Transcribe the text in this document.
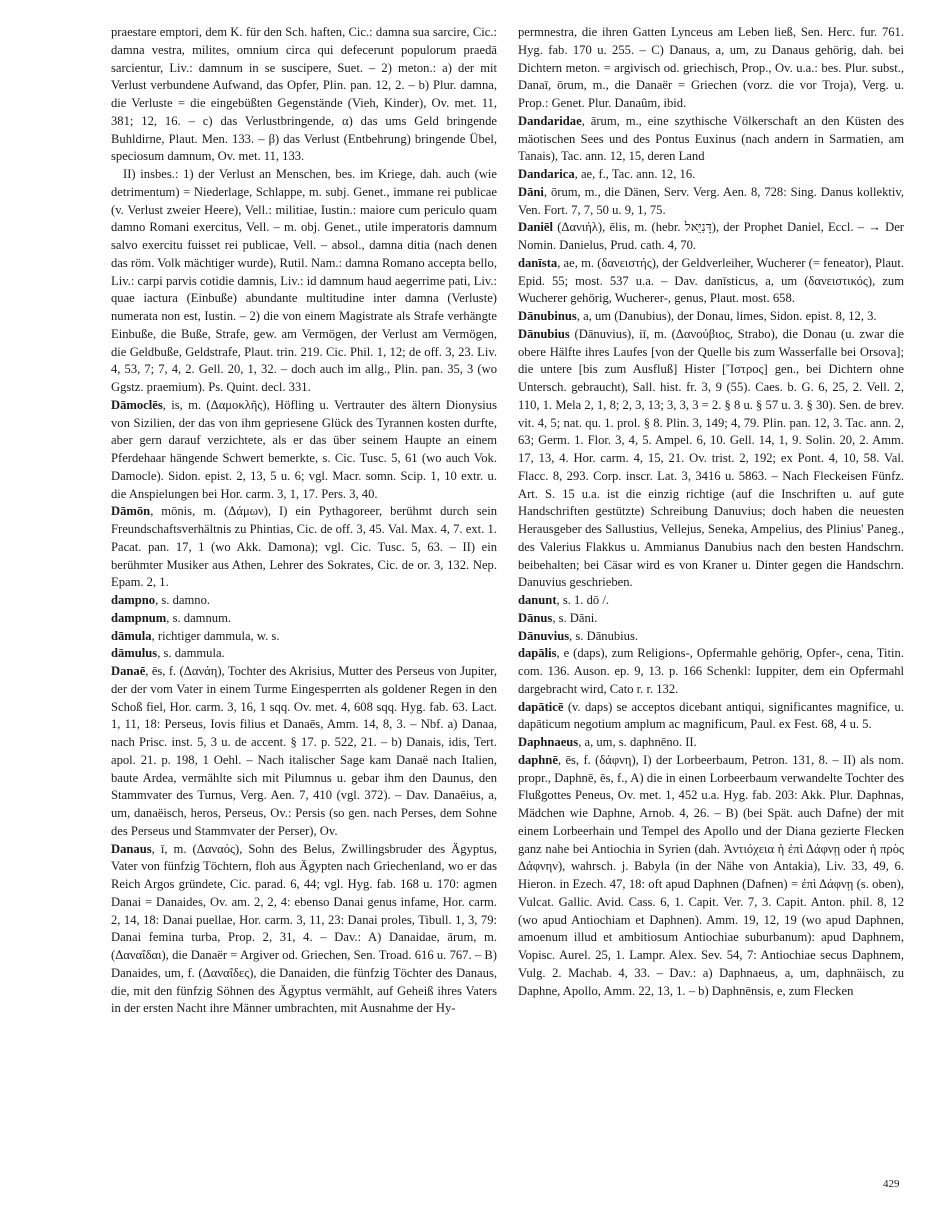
praestare emptori, dem K. für den Sch. haften, Cic.: damna sua sarcire, Cic.: damna vestra, milites, omnium circa qui defecerunt populorum praedā sarcientur, Liv.: damnum in se suscipere, Suet. – 2) meton.: a) der mit Verlust verbundene Aufwand, das Opfer, Plin. pan. 12, 2. – b) Plur. damna, die Verluste = die eingebüßten Gegenstände (Vieh, Kinder), Ov. met. 11, 381; 12, 16. – c) das Verlustbringende, α) das ums Geld bringende Buhldirne, Plaut. Men. 133. – β) das Verlust (Entbehrung) bringende Übel, speciosum damnum, Ov. met. 11, 133.

II) insbes.: 1) der Verlust an Menschen, bes. im Kriege, dah. auch (wie detrimentum) = Niederlage, Schlappe, m. subj. Genet., immane rei publicae (v. Verlust zweier Heere), Vell.: militiae, Iustin.: maiore cum periculo quam damno Romani exercitus, Vell. – m. obj. Genet., utile imperatoris damnum salvo exercitu fuisset rei publicae, Vell. – absol., damna ditia (nach denen das röm. Volk mächtiger wurde), Rutil. Nam.: damna Romano accepta bello, Liv.: carpi parvis cotidie damnis, Liv.: id damnum haud aegerrime pati, Liv.: quae iactura (Einbuße) abundante multitudine inter damna (Verluste) numerata non est, Iustin. – 2) die von einem Magistrate als Strafe verhängte Einbuße, die Buße, Strafe, gew. am Vermögen, der Verlust am Vermögen, die Geldbuße, Geldstrafe, Plaut. trin. 219. Cic. Phil. 1, 12; de off. 3, 23. Liv. 4, 53, 7; 7, 4, 2. Gell. 20, 1, 32. – doch auch im allg., Plin. pan. 35, 3 (wo Ggstz. praemium). Ps. Quint. decl. 331.

Dāmoclēs, is, m. (Δαμοκλῆς), Höfling u. Vertrauter des ältern Dionysius von Sizilien, der das von ihm gepriesene Glück des Tyrannen kosten durfte, aber gern darauf verzichtete, als er das über seinem Haupte an einem Pferdehaar hängende Schwert bemerkte, s. Cic. Tusc. 5, 61 (wo auch Vok. Damocle). Sidon. epist. 2, 13, 5 u. 6; vgl. Macr. somn. Scip. 1, 10 extr. u. die Anspielungen bei Hor. carm. 3, 1, 17. Pers. 3, 40.

Dāmōn, mōnis, m. (Δάμων), I) ein Pythagoreer, berühmt durch sein Freundschaftsverhältnis zu Phintias, Cic. de off. 3, 45. Val. Max. 4, 7. ext. 1. Pacat. pan. 17, 1 (wo Akk. Damona); vgl. Cic. Tusc. 5, 63. – II) ein berühmter Musiker aus Athen, Lehrer des Sokrates, Cic. de or. 3, 132. Nep. Epam. 2, 1.

dampno, s. damno.

dampnum, s. damnum.

dāmula, richtiger dammula, w. s.

dāmulus, s. dammula.

Danaē, ēs, f. (Δανάη), Tochter des Akrisius, Mutter des Perseus von Jupiter, der der vom Vater in einem Turme Eingesperrten als goldener Regen in den Schoß fiel, Hor. carm. 3, 16, 1 sqq. Ov. met. 4, 608 sqq. Hyg. fab. 63. Lact. 1, 11, 18: Perseus, Iovis filius et Danaēs, Amm. 14, 8, 3. – Nbf. a) Danaa, nach Prisc. inst. 5, 3 u. de accent. § 17. p. 522, 21. – b) Danais, idis, Tert. apol. 21. p. 198, 1 Oehl. – Nach italischer Sage kam Danaë nach Italien, baute Ardea, vermählte sich mit Pilumnus u. gebar ihm den Daunus, den Stammvater des Turnus, Verg. Aen. 7, 410 (vgl. 372). – Dav. Danaēius, a, um, danaëisch, heros, Perseus, Ov.: Persis (so gen. nach Perses, dem Sohne des Perseus und Stammvater der Perser), Ov.

Danaus, ī, m. (Δαναός), Sohn des Belus, Zwillingsbruder des Ägyptus, Vater von fünfzig Töchtern, floh aus Ägypten nach Griechenland, wo er das Reich Argos gründete, Cic. parad. 6, 44; vgl. Hyg. fab. 168 u. 170: agmen Danai = Danaides, Ov. am. 2, 2, 4: ebenso Danai genus infame, Hor. carm. 2, 14, 18: Danai puellae, Hor. carm. 3, 11, 23: Danai proles, Tibull. 1, 3, 79: Danai femina turba, Prop. 2, 31, 4. – Dav.: A) Danaidae, ārum, m. (Δαναΐδαι), die Danaër = Argiver od. Griechen, Sen. Troad. 616 u. 767. – B) Danaides, um, f. (Δαναΐδες), die Danaiden, die fünfzig Töchter des Danaus, die, mit den fünfzig Söhnen des Ägyptus vermählt, auf Geheiß ihres Vaters in der ersten Nacht ihre Männer umbrachten, mit Ausnahme der Hy-

permnestra, die ihren Gatten Lynceus am Leben ließ, Sen. Herc. fur. 761. Hyg. fab. 170 u. 255. – C) Danaus, a, um, zu Danaus gehörig, dah. bei Dichtern meton. = argivisch od. griechisch, Prop., Ov. u.a.: bes. Plur. subst., Danaī, ōrum, m., die Danaër = Griechen (vorz. die vor Troja), Verg. u. Prop.: Genet. Plur. Danaûm, ibid.

Dandaridae, ārum, m., eine szythische Völkerschaft an den Küsten des mäotischen Sees und des Pontus Euxinus (nach andern in Sarmatien, am Tanais), Tac. ann. 12, 15, deren Land

Dandarica, ae, f., Tac. ann. 12, 16.

Dāni, ōrum, m., die Dänen, Serv. Verg. Aen. 8, 728: Sing. Danus kollektiv, Ven. Fort. 7, 7, 50 u. 9, 1, 75.

Daniēl (Δανιήλ), ēlis, m. (hebr. דָּנִיֵּאל), der Prophet Daniel, Eccl. – → Der Nomin. Danielus, Prud. cath. 4, 70.

danīsta, ae, m. (δανειστής), der Geldverleiher, Wucherer (= feneator), Plaut. Epid. 55; most. 537 u.a. – Dav. danīsticus, a, um (δανειστικός), zum Wucherer gehörig, Wucherer-, genus, Plaut. most. 658.

Dānubinus, a, um (Danubius), der Donau, limes, Sidon. epist. 8, 12, 3.

Dānubius (Dānuvius), iī, m. (Δανούβιος, Strabo), die Donau (u. zwar die obere Hälfte ihres Laufes [von der Quelle bis zum Wasserfalle bei Orsova]; die untere [bis zum Ausfluß] Hister [Ἴστρος] gen., bei Dichtern ohne Untersch. gebraucht), Sall. hist. fr. 3, 9 (55). Caes. b. G. 6, 25, 2. Vell. 2, 110, 1. Mela 2, 1, 8; 2, 3, 13; 3, 3, 3 = 2. § 8 u. § 57 u. 3. § 30). Sen. de brev. vit. 4, 5; nat. qu. 1. prol. § 8. Plin. 3, 149; 4, 79. Plin. pan. 12, 3. Tac. ann. 2, 63; Germ. 1. Flor. 3, 4, 5. Ampel. 6, 10. Gell. 14, 1, 9. Solin. 20, 2. Amm. 17, 13, 4. Hor. carm. 4, 15, 21. Ov. trist. 2, 192; ex Pont. 4, 10, 58. Val. Flacc. 8, 293. Corp. inscr. Lat. 3, 3416 u. 5863. – Nach Fleckeisen Fünfz. Art. S. 15 u.a. ist die einzig richtige (auf die Inschriften u. auf gute Handschriften gestützte) Schreibung Danuvius; doch haben die neuesten Herausgeber des Sallustius, Vellejus, Seneka, Ampelius, des Plinius' Paneg., des Valerius Flakkus u. Ammianus Danubius nach den besten Handschrn. beibehalten; bei Cäsar wird es von Kraner u. Dinter gegen die Handschrn. Danuvius geschrieben.

danunt, s. 1. dō /.

Dānus, s. Dāni.

Dānuvius, s. Dānubius.

dapālis, e (daps), zum Religions-, Opfermahle gehörig, Opfer-, cena, Titin. com. 136. Auson. ep. 9, 13. p. 166 Schenkl: Iuppiter, dem ein Opfermahl dargebracht wird, Cato r. r. 132.

dapāticē (v. daps) se acceptos dicebant antiqui, significantes magnifice, u. dapāticum negotium amplum ac magnificum, Paul. ex Fest. 68, 4 u. 5.

Daphnaeus, a, um, s. daphnēno. II.

daphnē, ēs, f. (δάφνη), I) der Lorbeerbaum, Petron. 131, 8. – II) als nom. propr., Daphnē, ēs, f., A) die in einen Lorbeerbaum verwandelte Tochter des Flußgottes Peneus, Ov. met. 1, 452 u.a. Hyg. fab. 203: Akk. Plur. Daphnas, Mädchen wie Daphne, Arnob. 4, 26. – B) (bei Spät. auch Dafne) der mit einem Lorbeerhain und Tempel des Apollo und der Diana gezierte Flecken ganz nahe bei Antiochia in Syrien (dah. Ἀντιόχεια ἡ ἐπὶ Δάφνῃ oder ἡ πρὸς Δάφνην), wahrsch. j. Babyla (in der Nähe von Antakia), Liv. 33, 49, 6. Hieron. in Ezech. 47, 18: oft apud Daphnen (Dafnen) = ἐπὶ Δάφνῃ (s. oben), Vulcat. Gallic. Avid. Cass. 6, 1. Capit. Ver. 7, 3. Capit. Anton. phil. 8, 12 (wo apud Antiochiam et Daphnen). Amm. 19, 12, 19 (wo apud Daphnen, amoenum illud et ambitiosum Antiochiae suburbanum): apud Daphnem, Vopisc. Aurel. 25, 1. Lampr. Alex. Sev. 54, 7: Antiochiae secus Daphnem, Vulg. 2. Machab. 4, 33. – Dav.: a) Daphnaeus, a, um, daphnäisch, zu Daphne, Apollo, Amm. 22, 13, 1. – b) Daphnēnsis, e, zum Flecken

429
